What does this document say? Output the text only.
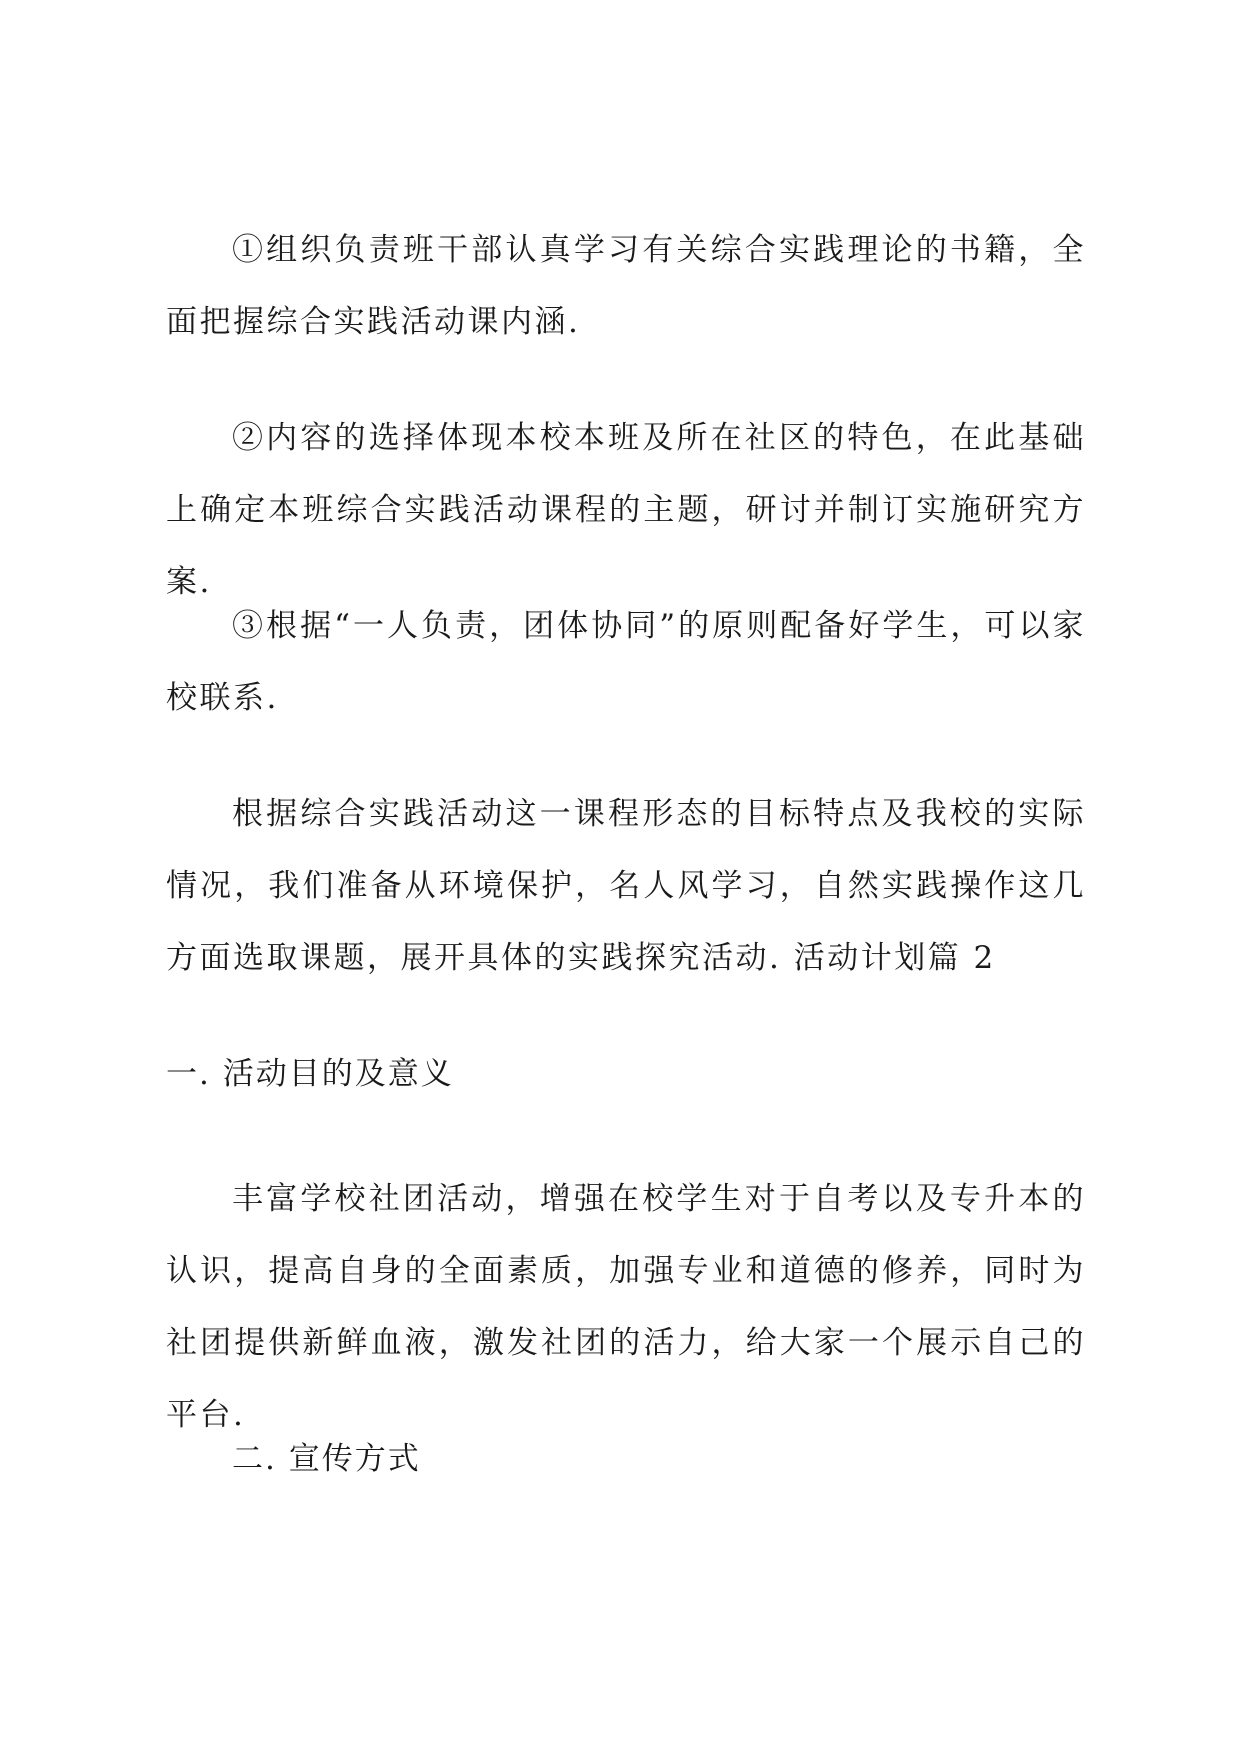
①组织负责班干部认真学习有关综合实践理论的书籍，全面把握综合实践活动课内涵.

②内容的选择体现本校本班及所在社区的特色，在此基础上确定本班综合实践活动课程的主题，研讨并制订实施研究方案.

③根据“一人负责，团体协同”的原则配备好学生，可以家校联系.

根据综合实践活动这一课程形态的目标特点及我校的实际情况，我们准备从环境保护，名人风学习，自然实践操作这几方面选取课题，展开具体的实践探究活动. 活动计划篇 2

一. 活动目的及意义

丰富学校社团活动，增强在校学生对于自考以及专升本的认识，提高自身的全面素质，加强专业和道德的修养，同时为社团提供新鲜血液，激发社团的活力，给大家一个展示自己的平台.

二. 宣传方式
